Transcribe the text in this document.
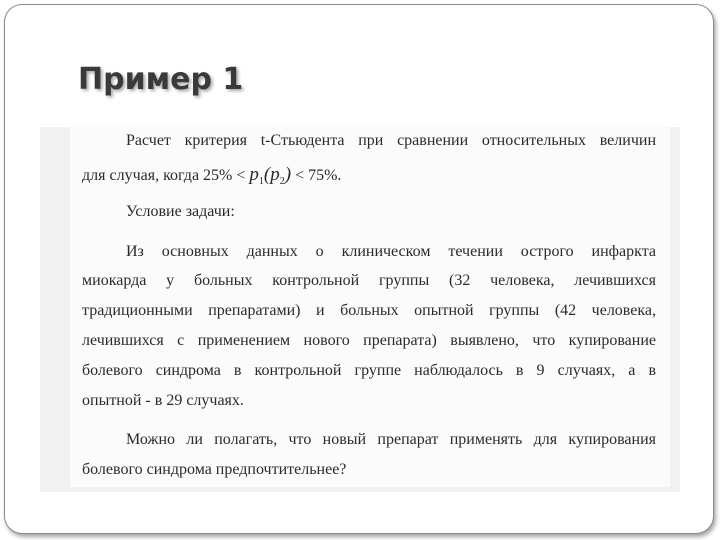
Пример 1

Расчет критерия t-Стьюдента при сравнении относительных величин

для случая, когда $25\% < p_1(p_2) < 75\%$.

Условие задачи:

Из основных данных о клиническом течении острого инфаркта

миокарда у больных контрольной группы (32 человека, лечившихся

традиционными препаратами) и больных опытной группы (42 человека,

лечившихся с применением нового препарата) выявлено, что купирование

болевого синдрома в контрольной группе наблюдалось в 9 случаях, а в

опытной - в 29 случаях.

Можно ли полагать, что новый препарат применять для купирования

болевого синдрома предпочтительнее?
